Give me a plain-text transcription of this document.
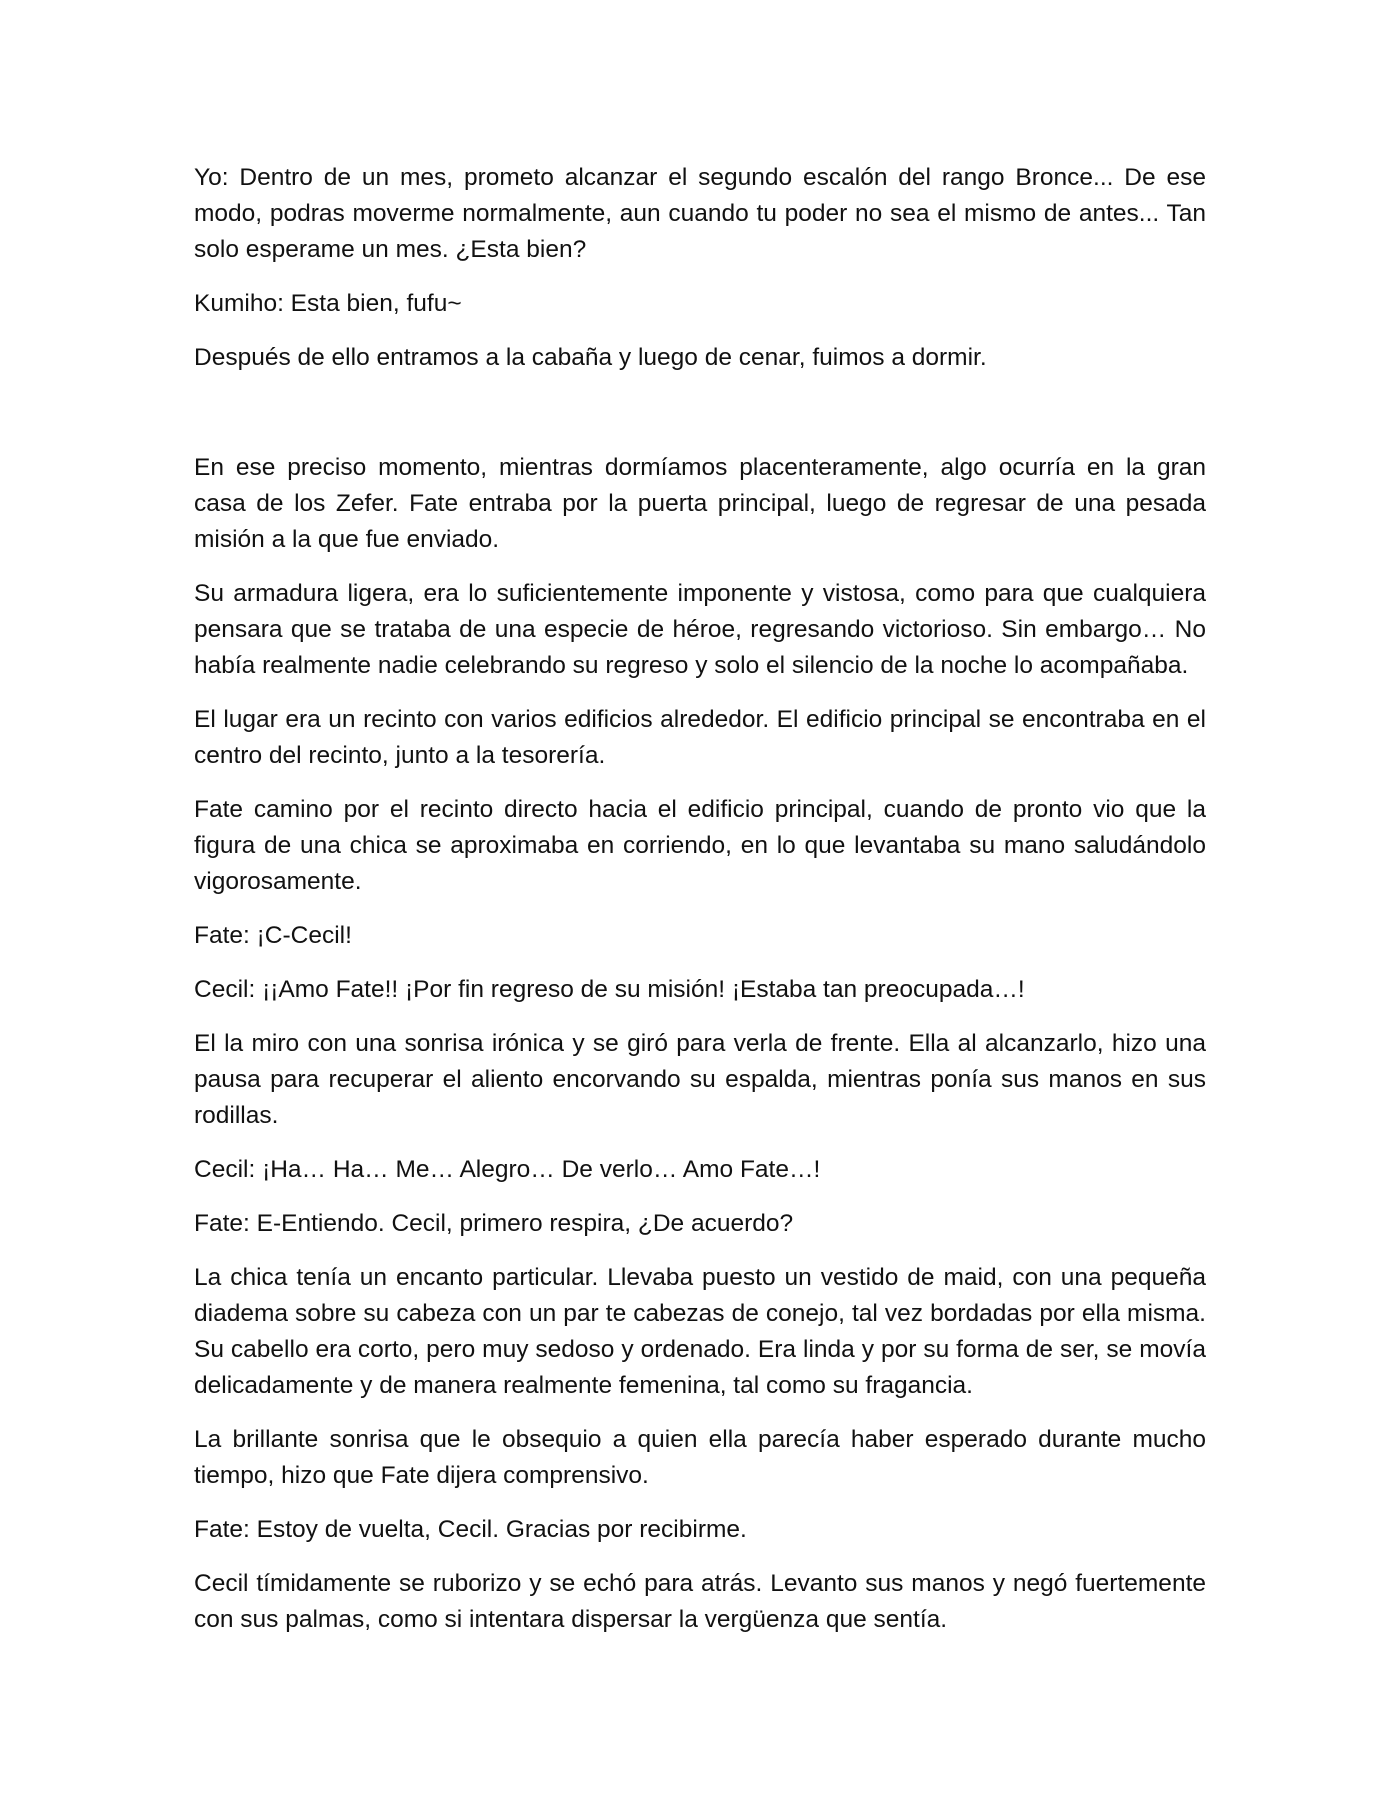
Yo: Dentro de un mes, prometo alcanzar el segundo escalón del rango Bronce... De ese modo, podras moverme normalmente, aun cuando tu poder no sea el mismo de antes... Tan solo esperame un mes. ¿Esta bien?

Kumiho: Esta bien, fufu~

Después de ello entramos a la cabaña y luego de cenar, fuimos a dormir.

En ese preciso momento, mientras dormíamos placenteramente, algo ocurría en la gran casa de los Zefer. Fate entraba por la puerta principal, luego de regresar de una pesada misión a la que fue enviado.

Su armadura ligera, era lo suficientemente imponente y vistosa, como para que cualquiera pensara que se trataba de una especie de héroe, regresando victorioso. Sin embargo… No había realmente nadie celebrando su regreso y solo el silencio de la noche lo acompañaba.

El lugar era un recinto con varios edificios alrededor. El edificio principal se encontraba en el centro del recinto, junto a la tesorería.

Fate camino por el recinto directo hacia el edificio principal, cuando de pronto vio que la figura de una chica se aproximaba en corriendo, en lo que levantaba su mano saludándolo vigorosamente.

Fate: ¡C-Cecil!

Cecil: ¡¡Amo Fate!! ¡Por fin regreso de su misión! ¡Estaba tan preocupada…!

El la miro con una sonrisa irónica y se giró para verla de frente. Ella al alcanzarlo, hizo una pausa para recuperar el aliento encorvando su espalda, mientras ponía sus manos en sus rodillas.

Cecil: ¡Ha… Ha… Me… Alegro… De verlo… Amo Fate…!

Fate: E-Entiendo. Cecil, primero respira, ¿De acuerdo?

La chica tenía un encanto particular. Llevaba puesto un vestido de maid, con una pequeña diadema sobre su cabeza con un par te cabezas de conejo, tal vez bordadas por ella misma. Su cabello era corto, pero muy sedoso y ordenado. Era linda y por su forma de ser, se movía delicadamente y de manera realmente femenina, tal como su fragancia.

La brillante sonrisa que le obsequio a quien ella parecía haber esperado durante mucho tiempo, hizo que Fate dijera comprensivo.

Fate: Estoy de vuelta, Cecil. Gracias por recibirme.

Cecil tímidamente se ruborizo y se echó para atrás. Levanto sus manos y negó fuertemente con sus palmas, como si intentara dispersar la vergüenza que sentía.
